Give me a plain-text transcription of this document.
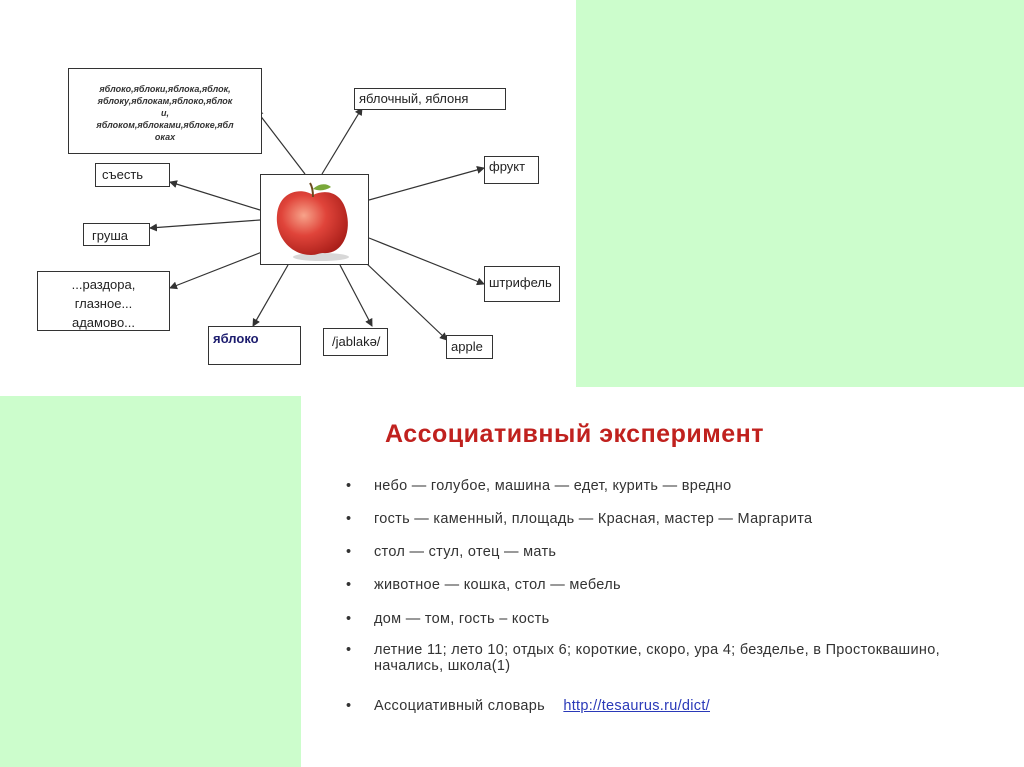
яблоко,яблоки,яблока,яблок,
яблоку,яблокам,яблоко,яблок
и,
яблоком,яблоками,яблоке,ябл
оках
яблочный, яблоня
съесть
фрукт
груша
штрифель
...раздора,
глазное...
адамово...
яблоко	/jablakə/	apple
Ассоциативный эксперимент
• небо — голубое, машина — едет, курить — вредно
• гость — каменный, площадь — Красная, мастер — Маргарита
• стол — стул, отец — мать
• животное — кошка, стол — мебель
• дом — том, гость – кость
• летние 11; лето 10; отдых 6; короткие, скоро, ура 4; безделье, в Простоквашино, начались, школа(1)
• Ассоциативный словарь http://tesaurus.ru/dict/
